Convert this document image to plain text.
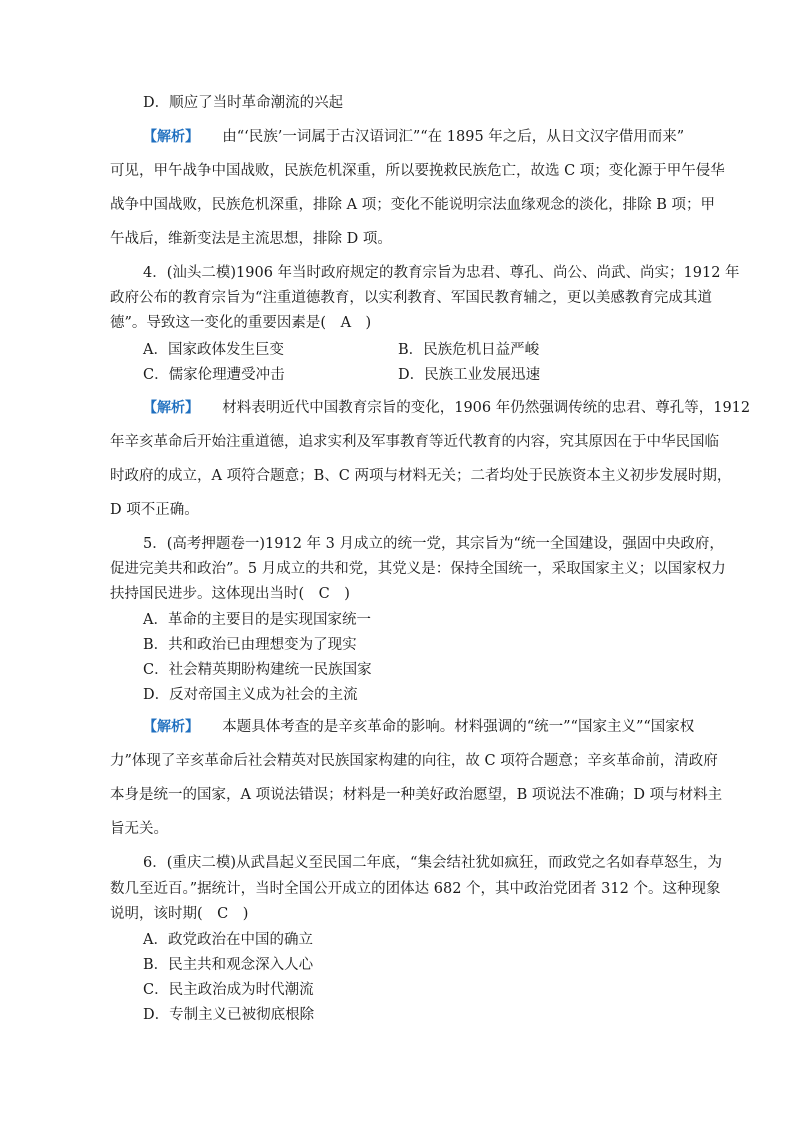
D．顺应了当时革命潮流的兴起
【解析】 由“‘民族’一词属于古汉语词汇”“在 1895 年之后，从日文汉字借用而来”
可见，甲午战争中国战败，民族危机深重，所以要挽救民族危亡，故选 C 项；变化源于甲午侵华
战争中国战败，民族危机深重，排除 A 项；变化不能说明宗法血缘观念的淡化，排除 B 项；甲
午战后，维新变法是主流思想，排除 D 项。
4．(汕头二模)1906 年当时政府规定的教育宗旨为忠君、尊孔、尚公、尚武、尚实；1912 年
政府公布的教育宗旨为“注重道德教育，以实利教育、军国民教育辅之，更以美感教育完成其道
德”。导致这一变化的重要因素是(　A　)
A．国家政体发生巨变	B．民族危机日益严峻
C．儒家伦理遭受冲击	D．民族工业发展迅速
【解析】 材料表明近代中国教育宗旨的变化，1906 年仍然强调传统的忠君、尊孔等，1912
年辛亥革命后开始注重道德，追求实利及军事教育等近代教育的内容，究其原因在于中华民国临
时政府的成立，A 项符合题意；B、C 两项与材料无关；二者均处于民族资本主义初步发展时期，
D 项不正确。
5．(高考押题卷一)1912 年 3 月成立的统一党，其宗旨为“统一全国建设，强固中央政府，
促进完美共和政治”。5 月成立的共和党，其党义是：保持全国统一，采取国家主义；以国家权力
扶持国民进步。这体现出当时(　C　)
A．革命的主要目的是实现国家统一
B．共和政治已由理想变为了现实
C．社会精英期盼构建统一民族国家
D．反对帝国主义成为社会的主流
【解析】 本题具体考查的是辛亥革命的影响。材料强调的“统一”“国家主义”“国家权
力”体现了辛亥革命后社会精英对民族国家构建的向往，故 C 项符合题意；辛亥革命前，清政府
本身是统一的国家，A 项说法错误；材料是一种美好政治愿望，B 项说法不准确；D 项与材料主
旨无关。
6．(重庆二模)从武昌起义至民国二年底，“集会结社犹如疯狂，而政党之名如春草怒生，为
数几至近百。”据统计，当时全国公开成立的团体达 682 个，其中政治党团者 312 个。这种现象
说明，该时期(　C　)
A．政党政治在中国的确立
B．民主共和观念深入人心
C．民主政治成为时代潮流
D．专制主义已被彻底根除
